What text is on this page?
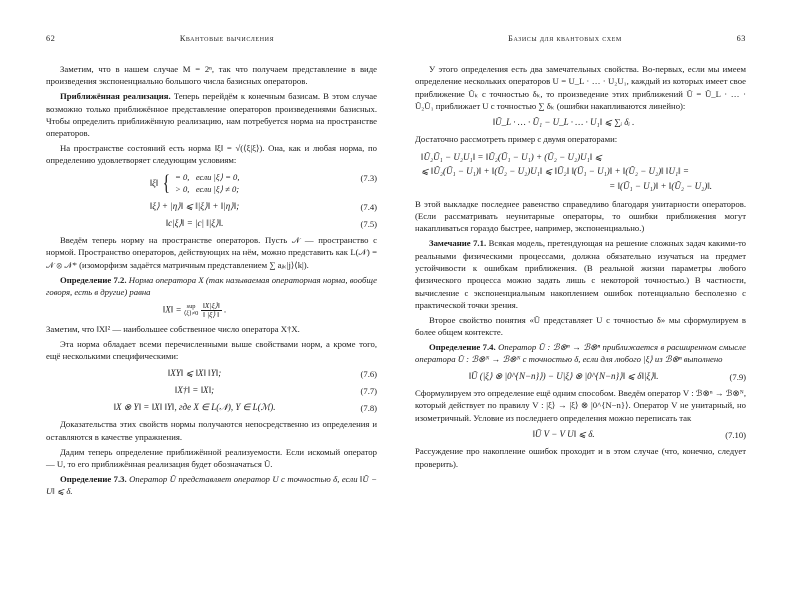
62	квантовые вычисления	базисы для квантовых схем	63

Заметим, что в нашем случае M = 2ⁿ, так что получаем представление в виде произведения экспоненциально большого числа базисных операторов.

Приближённая реализация. Теперь перейдём к конечным базисам. В этом случае возможно только приближённое представление операторов произведениями базисных. Чтобы определить приближённую реализацию, нам потребуется норма на пространстве операторов.

На пространстве состояний есть норма ‖ξ‖ = √(⟨ξ|ξ⟩). Она, как и любая норма, по определению удовлетворяет следующим условиям:

‖ξ‖ { = 0,   если |ξ⟩ = 0,
> 0,   если |ξ⟩ ≠ 0;
(7.3)
‖ξ⟩ + |η⟩‖ ⩽ ‖|ξ⟩‖ + ‖|η⟩‖;	(7.4)
‖c|ξ⟩‖ = |c| ‖|ξ⟩‖.	(7.5)

Введём теперь норму на пространстве операторов. Пусть 𝒩 — пространство с нормой. Пространство операторов, действующих на нём, можно представить как L(𝒩) = 𝒩 ⊗ 𝒩* (изоморфизм задаётся матричным представлением ∑ aⱼₖ|j⟩⟨k|).

Определение 7.2. Норма оператора X (так называемая операторная норма, вообще говоря, есть в другие) равна

‖X‖ = sup
⟨ξ⟩≠0
$\frac{‖X|\xi⟩‖}{‖ |\xi⟩ ‖}$ .

Заметим, что ‖X‖² — наибольшее собственное число оператора X†X.

Эта норма обладает всеми перечисленными выше свойствами норм, а кроме того, ещё несколькими специфическими:

‖XY‖ ⩽ ‖X‖ ‖Y‖;	(7.6)
‖X†‖ = ‖X‖;	(7.7)
‖X ⊗ Y‖ = ‖X‖ ‖Y‖, где X ∈ L(𝒩), Y ∈ L(ℳ).	(7.8)

Доказательства этих свойств нормы получаются непосредственно из определения и оставляются в качестве упражнения.

Дадим теперь определение приближённой реализуемости. Если искомый оператор — U, то его приближённая реализация будет обозначаться Ũ.

Определение 7.3. Оператор Ũ представляет оператор U с точностью δ, если ‖Ũ − U‖ ⩽ δ.

У этого определения есть два замечательных свойства. Во-первых, если мы имеем определение нескольких операторов U = U_L · … · U₂U₁, каждый из которых имеет свое приближение Ũₖ с точностью δₖ, то произведение этих приближений Ũ = Ũ_L · … · Ũ₂Ũ₁ приближает U с точностью ∑ δₖ (ошибки накапливаются линейно):

‖Ũ_L · … · Ũ₁ − U_L · … · U₁‖ ⩽ ∑ᵢ δᵢ .

Достаточно рассмотреть пример с двумя операторами:

‖Ũ₂Ũ₁ − U₂U₁‖ = ‖Ũ₂(Ũ₁ − U₁) + (Ũ₂ − U₂)U₁‖ ⩽
⩽ ‖Ũ₂(Ũ₁ − U₁)‖ + ‖(Ũ₂ − U₂)U₁‖ ⩽ ‖Ũ₂‖ ‖(Ũ₁ − U₁)‖ + ‖(Ũ₂ − U₂)‖ ‖U₁‖ =
= ‖(Ũ₁ − U₁)‖ + ‖(Ũ₂ − U₂)‖.

В этой выкладке последнее равенство справедливо благодаря унитарности операторов. (Если рассматривать неунитарные операторы, то ошибки приближения могут накапливаться гораздо быстрее, например, экспоненциально.)

Замечание 7.1. Всякая модель, претендующая на решение сложных задач какими-то реальными физическими процессами, должна обязательно изучаться на предмет устойчивости к ошибкам приближения. (В реальной жизни параметры любого физического процесса можно задать лишь с некоторой точностью.) В частности, вычисление с экспоненциальным накоплением ошибок потенциально бесполезно с практической точки зрения.

Второе свойство понятия «Ũ представляет U с точностью δ» мы сформулируем в более общем контексте.

Определение 7.4. Оператор Ũ : ℬ⊗ⁿ → ℬ⊗ⁿ приближается в расширенном смысле оператора Ũ : ℬ⊗ᴺ → ℬ⊗ᴺ с точностью δ, если для любого |ξ⟩ из ℬ⊗ⁿ выполнено

‖Ũ (|ξ⟩ ⊗ |0^{N−n}⟩) − U|ξ⟩ ⊗ |0^{N−n}⟩‖ ⩽ δ‖|ξ⟩‖.	(7.9)

Сформулируем это определение ещё одним способом. Введём оператор V : ℬ⊗ⁿ → ℬ⊗ᴺ, который действует по правилу V : |ξ⟩ → |ξ⟩ ⊗ |0^{N−n}⟩. Оператор V не унитарный, но изометричный. Условие из последнего определения можно переписать так

‖Ũ V − V U‖ ⩽ δ.	(7.10)

Рассуждение про накопление ошибок проходит и в этом случае (что, конечно, следует проверить).
